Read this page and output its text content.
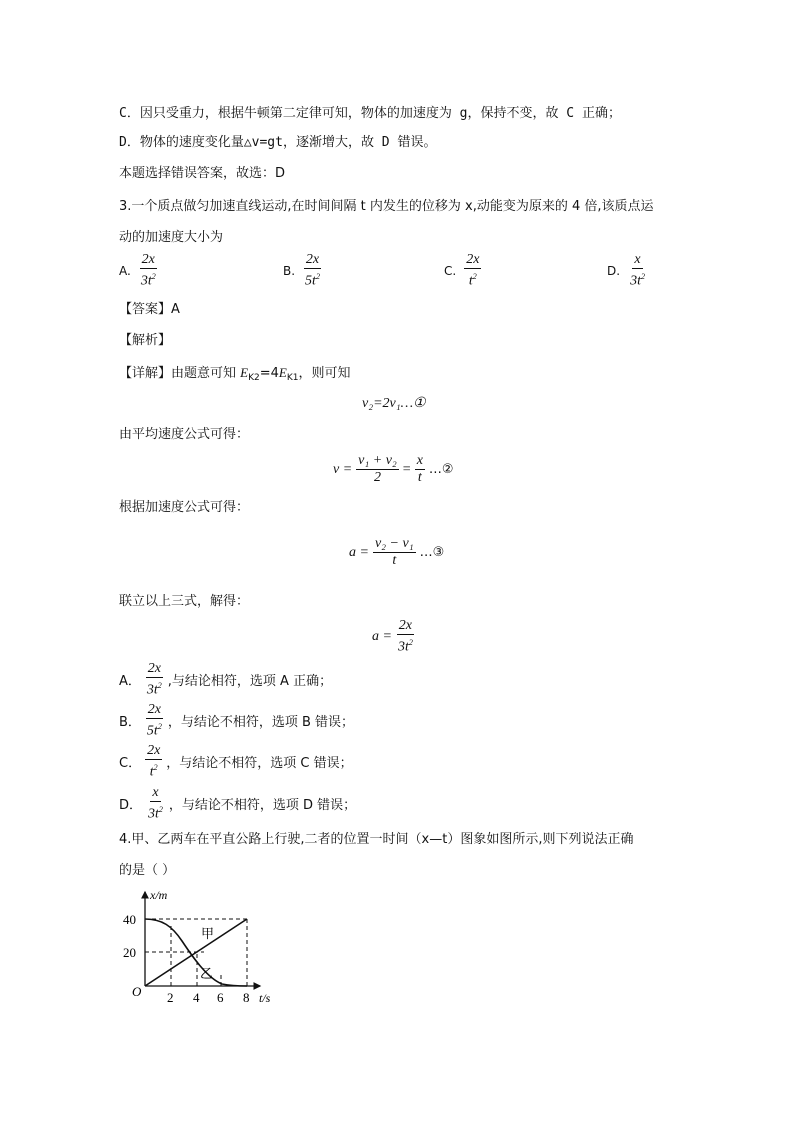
C．因只受重力，根据牛顿第二定律可知，物体的加速度为 g，保持不变，故 C 正确；
D．物体的速度变化量△v=gt，逐渐增大，故 D 错误。
本题选择错误答案，故选：D
3.一个质点做匀加速直线运动,在时间间隔 t 内发生的位移为 x,动能变为原来的 4 倍,该质点运
动的加速度大小为
A. $\frac{2x}{3t^2}$	B. $\frac{2x}{5t^2}$	C. $\frac{2x}{t^2}$	D. $\frac{x}{3t^2}$
【答案】A
【解析】
【详解】由题意可知 $E_{K2}=4E_{K1}$，则可知
v₂=2v₁…①
由平均速度公式可得：
$v = \frac{\text{v₁ + v₂}}{2} = \frac{x}{t}$ …②
根据加速度公式可得：
$a = \frac{\text{v₂ − v₁}}{t}$ …③
联立以上三式，解得：
$a = \frac{2x}{3t^2}$
A． $\frac{2x}{3t^2}$ ,与结论相符，选项 A 正确；
B． $\frac{2x}{5t^2}$ ，与结论不相符，选项 B 错误；
C． $\frac{2x}{t^2}$ ，与结论不相符，选项 C 错误；
D． $\frac{x}{3t^2}$ ，与结论不相符，选项 D 错误；
4.甲、乙两车在平直公路上行驶,二者的位置一时间（x—t）图象如图所示,则下列说法正确
的是（ ）
x/m
t/s
O
40
20
2 4 6 8
甲
乙
